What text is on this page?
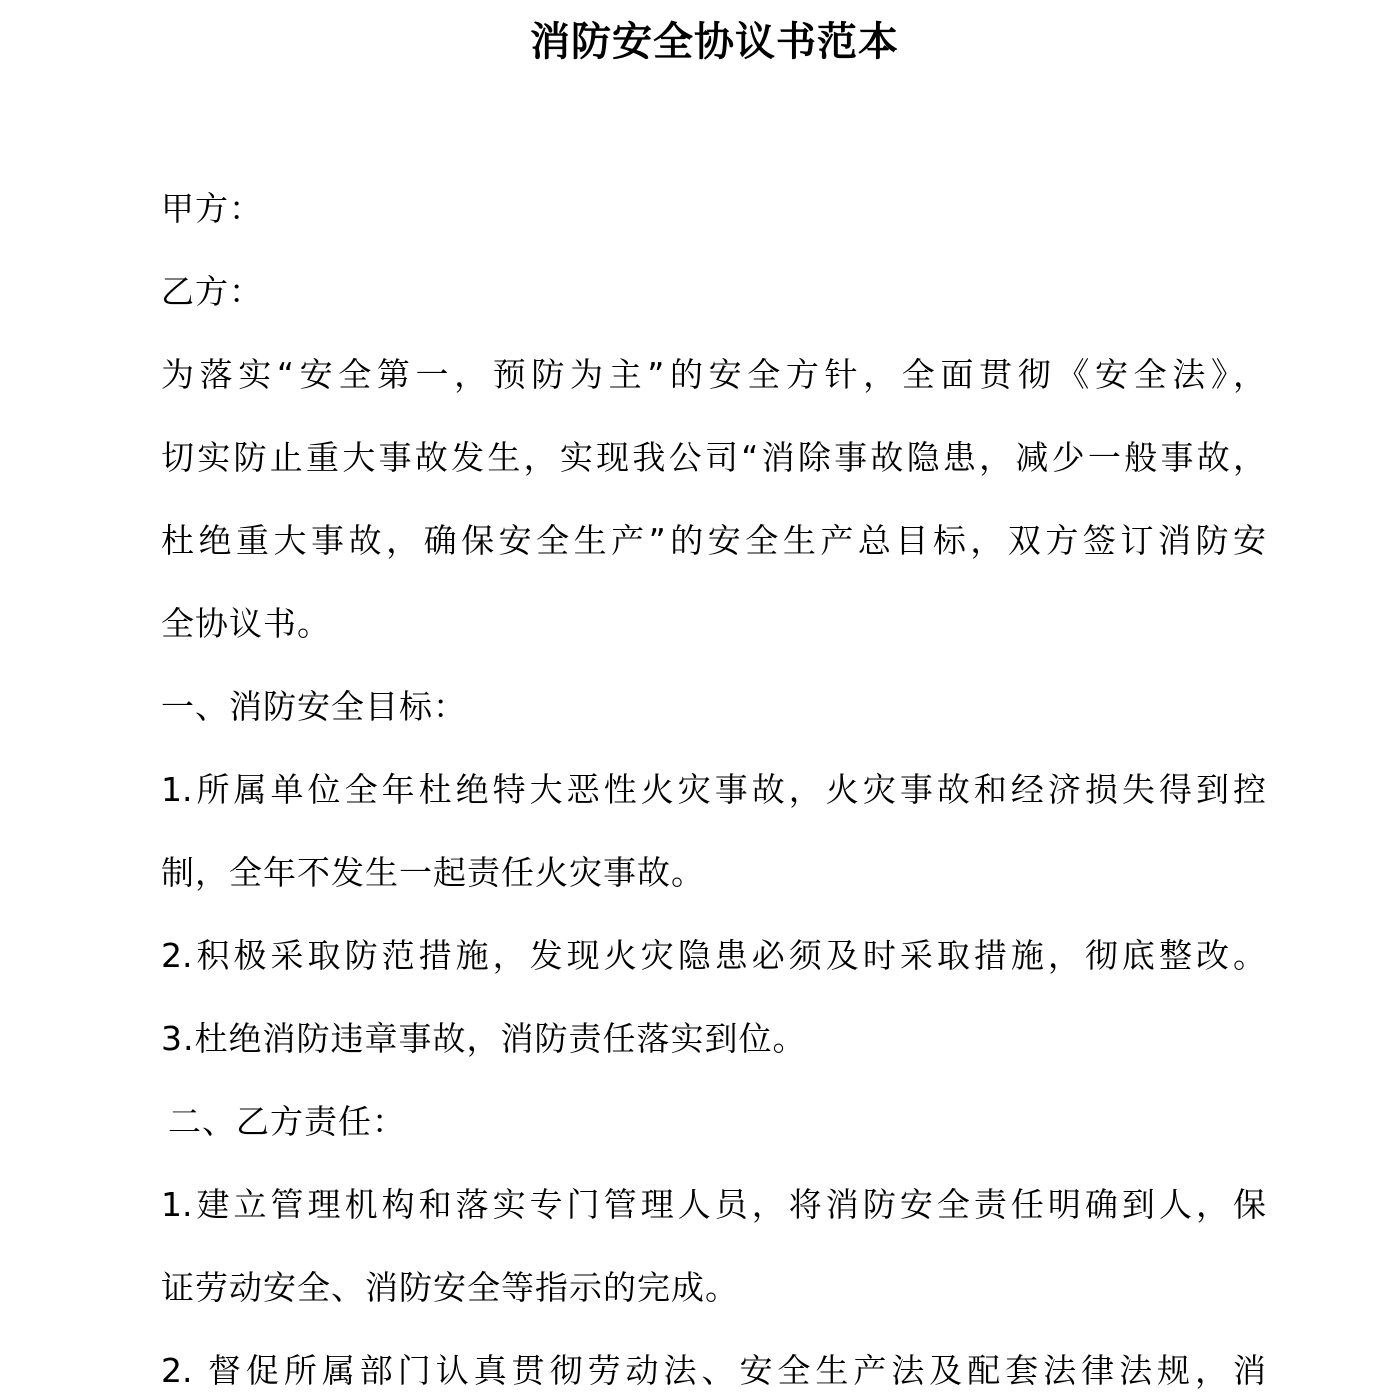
消防安全协议书范本
甲方：
乙方：
为落实“安全第一，预防为主”的安全方针，全面贯彻《安全法》，
切实防止重大事故发生，实现我公司“消除事故隐患，减少一般事故，
杜绝重大事故，确保安全生产”的安全生产总目标，双方签订消防安
全协议书。
一、消防安全目标：
1.所属单位全年杜绝特大恶性火灾事故，火灾事故和经济损失得到控
制，全年不发生一起责任火灾事故。
2.积极采取防范措施，发现火灾隐患必须及时采取措施，彻底整改。
3.杜绝消防违章事故，消防责任落实到位。
二、乙方责任：
1.建立管理机构和落实专门管理人员，将消防安全责任明确到人，保
证劳动安全、消防安全等指示的完成。
2. 督促所属部门认真贯彻劳动法、安全生产法及配套法律法规，消
